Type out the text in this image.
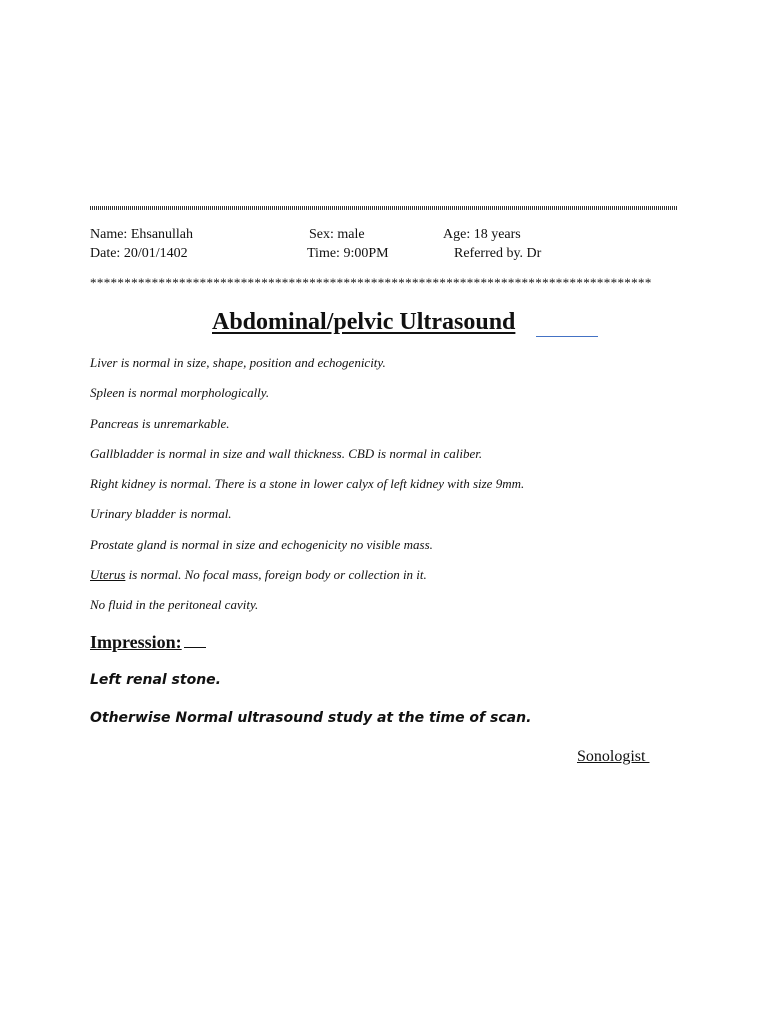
Name: Ehsanullah	Sex: male	Age: 18 years
Date: 20/01/1402	Time: 9:00PM	Referred by. Dr
**********************************************************************************
Abdominal/pelvic Ultrasound
Liver is normal in size, shape, position and echogenicity.
Spleen is normal morphologically.
Pancreas is unremarkable.
Gallbladder is normal in size and wall thickness. CBD is normal in caliber.
Right kidney is normal. There is a stone in lower calyx of left kidney with size 9mm.
Urinary bladder is normal.
Prostate gland is normal in size and echogenicity no visible mass.
Uterus is normal. No focal mass, foreign body or collection in it.
No fluid in the peritoneal cavity.
Impression:
Left renal stone.
Otherwise Normal ultrasound study at the time of scan.
Sonologist
